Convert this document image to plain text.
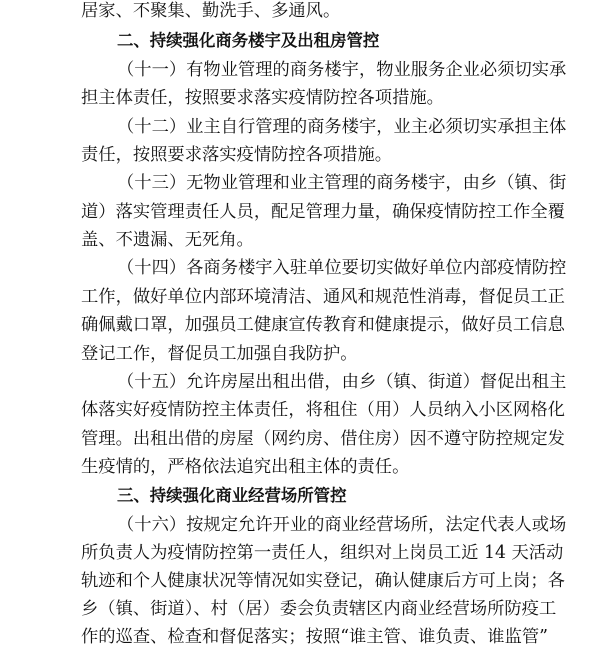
居家、不聚集、勤洗手、多通风。
二、持续强化商务楼宇及出租房管控
（十一）有物业管理的商务楼宇，物业服务企业必须切实承
担主体责任，按照要求落实疫情防控各项措施。
（十二）业主自行管理的商务楼宇，业主必须切实承担主体
责任，按照要求落实疫情防控各项措施。
（十三）无物业管理和业主管理的商务楼宇，由乡（镇、街
道）落实管理责任人员，配足管理力量，确保疫情防控工作全覆
盖、不遗漏、无死角。
（十四）各商务楼宇入驻单位要切实做好单位内部疫情防控
工作，做好单位内部环境清洁、通风和规范性消毒，督促员工正
确佩戴口罩，加强员工健康宣传教育和健康提示，做好员工信息
登记工作，督促员工加强自我防护。
（十五）允许房屋出租出借，由乡（镇、街道）督促出租主
体落实好疫情防控主体责任，将租住（用）人员纳入小区网格化
管理。出租出借的房屋（网约房、借住房）因不遵守防控规定发
生疫情的，严格依法追究出租主体的责任。
三、持续强化商业经营场所管控
（十六）按规定允许开业的商业经营场所，法定代表人或场
所负责人为疫情防控第一责任人，组织对上岗员工近 14 天活动
轨迹和个人健康状况等情况如实登记，确认健康后方可上岗；各
乡（镇、街道）、村（居）委会负责辖区内商业经营场所防疫工
作的巡查、检查和督促落实；按照“谁主管、谁负责、谁监管”
